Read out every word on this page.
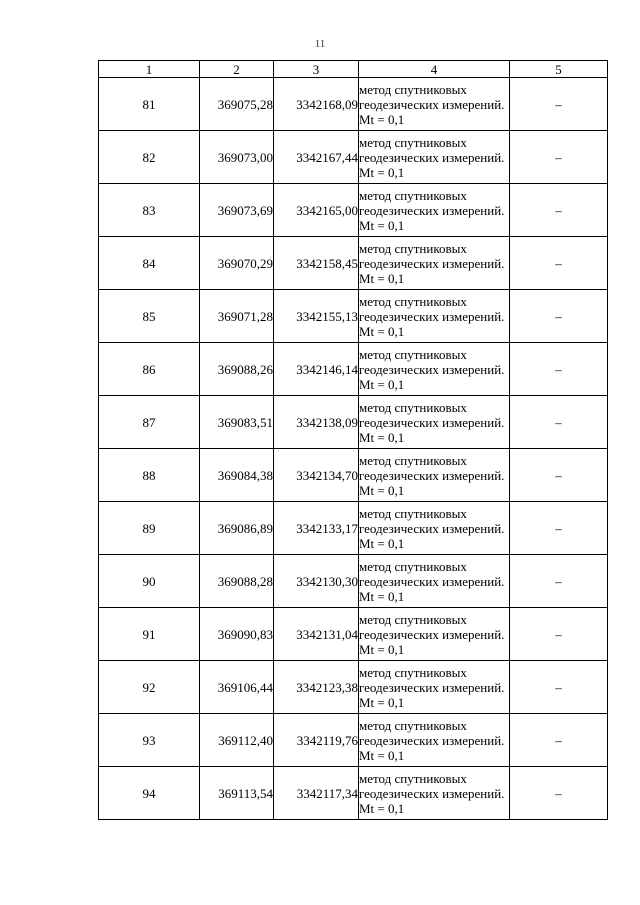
11
1	2	3	4	5
81	369075,28	3342168,09	метод спутниковых геодезических измерений. Mt = 0,1	–
82	369073,00	3342167,44	метод спутниковых геодезических измерений. Mt = 0,1	–
83	369073,69	3342165,00	метод спутниковых геодезических измерений. Mt = 0,1	–
84	369070,29	3342158,45	метод спутниковых геодезических измерений. Mt = 0,1	–
85	369071,28	3342155,13	метод спутниковых геодезических измерений. Mt = 0,1	–
86	369088,26	3342146,14	метод спутниковых геодезических измерений. Mt = 0,1	–
87	369083,51	3342138,09	метод спутниковых геодезических измерений. Mt = 0,1	–
88	369084,38	3342134,70	метод спутниковых геодезических измерений. Mt = 0,1	–
89	369086,89	3342133,17	метод спутниковых геодезических измерений. Mt = 0,1	–
90	369088,28	3342130,30	метод спутниковых геодезических измерений. Mt = 0,1	–
91	369090,83	3342131,04	метод спутниковых геодезических измерений. Mt = 0,1	–
92	369106,44	3342123,38	метод спутниковых геодезических измерений. Mt = 0,1	–
93	369112,40	3342119,76	метод спутниковых геодезических измерений. Mt = 0,1	–
94	369113,54	3342117,34	метод спутниковых геодезических измерений. Mt = 0,1	–
